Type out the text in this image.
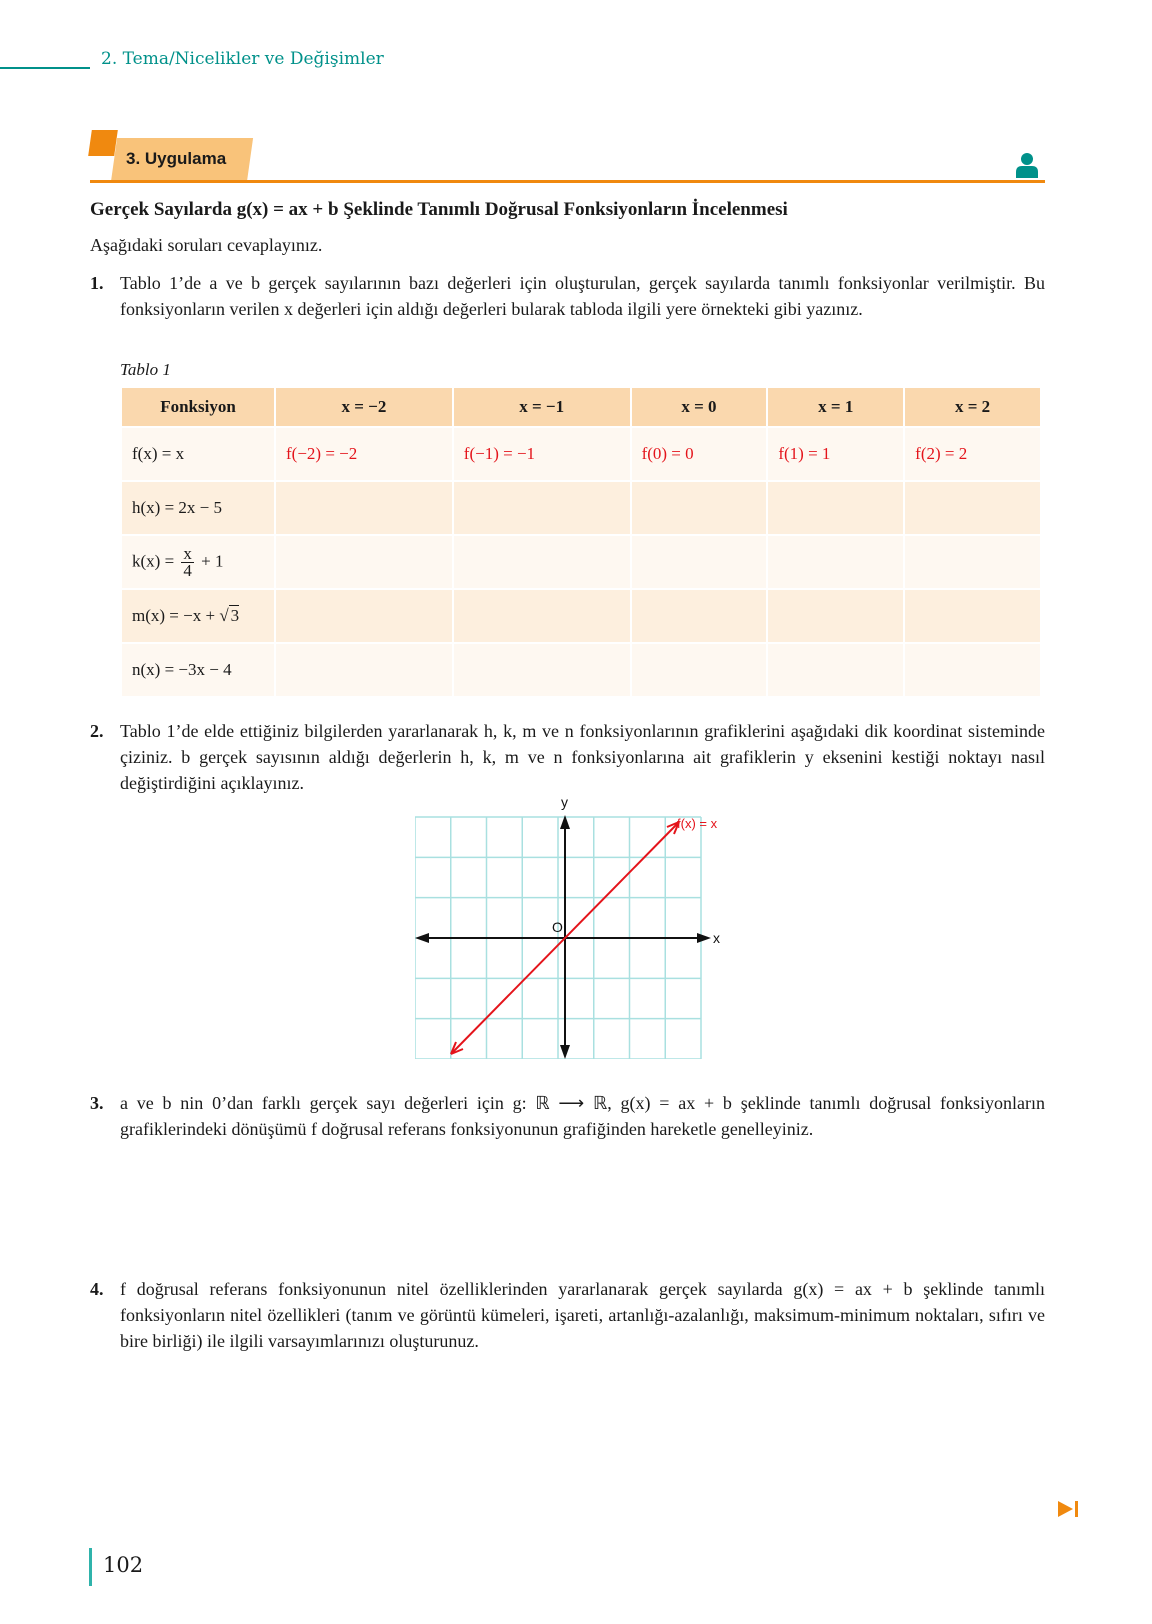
2. Tema/Nicelikler ve Değişimler
3. Uygulama
Gerçek Sayılarda g(x) = ax + b Şeklinde Tanımlı Doğrusal Fonksiyonların İncelenmesi
Aşağıdaki soruları cevaplayınız.
1. Tablo 1’de a ve b gerçek sayılarının bazı değerleri için oluşturulan, gerçek sayılarda tanımlı fonksiyonlar verilmiştir. Bu fonksiyonların verilen x değerleri için aldığı değerleri bularak tabloda ilgili yere örnekteki gibi yazınız.
Tablo 1
Fonksiyon	x = −2	x = −1	x = 0	x = 1	x = 2
f(x) = x	f(−2) = −2	f(−1) = −1	f(0) = 0	f(1) = 1	f(2) = 2
h(x) = 2x − 5					
$k(x) = \frac{x}{4} + 1$					
m(x) = −x + √ 3					
n(x) = −3x − 4					
2. Tablo 1’de elde ettiğiniz bilgilerden yararlanarak h, k, m ve n fonksiyonlarının grafiklerini aşağıdaki dik koordinat sisteminde çiziniz. b gerçek sayısının aldığı değerlerin h, k, m ve n fonksiyonlarına ait grafiklerin y eksenini kestiği noktayı nasıl değiştirdiğini açıklayınız.
y
x
O
f(x) = x
3. a ve b nin 0’dan farklı gerçek sayı değerleri için g: ℝ ⟶ ℝ, g(x) = ax + b şeklinde tanımlı doğrusal fonksiyonların grafiklerindeki dönüşümü f doğrusal referans fonksiyonunun grafiğinden hareketle genelleyiniz.
4. f doğrusal referans fonksiyonunun nitel özelliklerinden yararlanarak gerçek sayılarda g(x) = ax + b şeklinde tanımlı fonksiyonların nitel özellikleri (tanım ve görüntü kümeleri, işareti, artanlığı-azalanlığı, maksimum-minimum noktaları, sıfırı ve bire birliği) ile ilgili varsayımlarınızı oluşturunuz.
102
